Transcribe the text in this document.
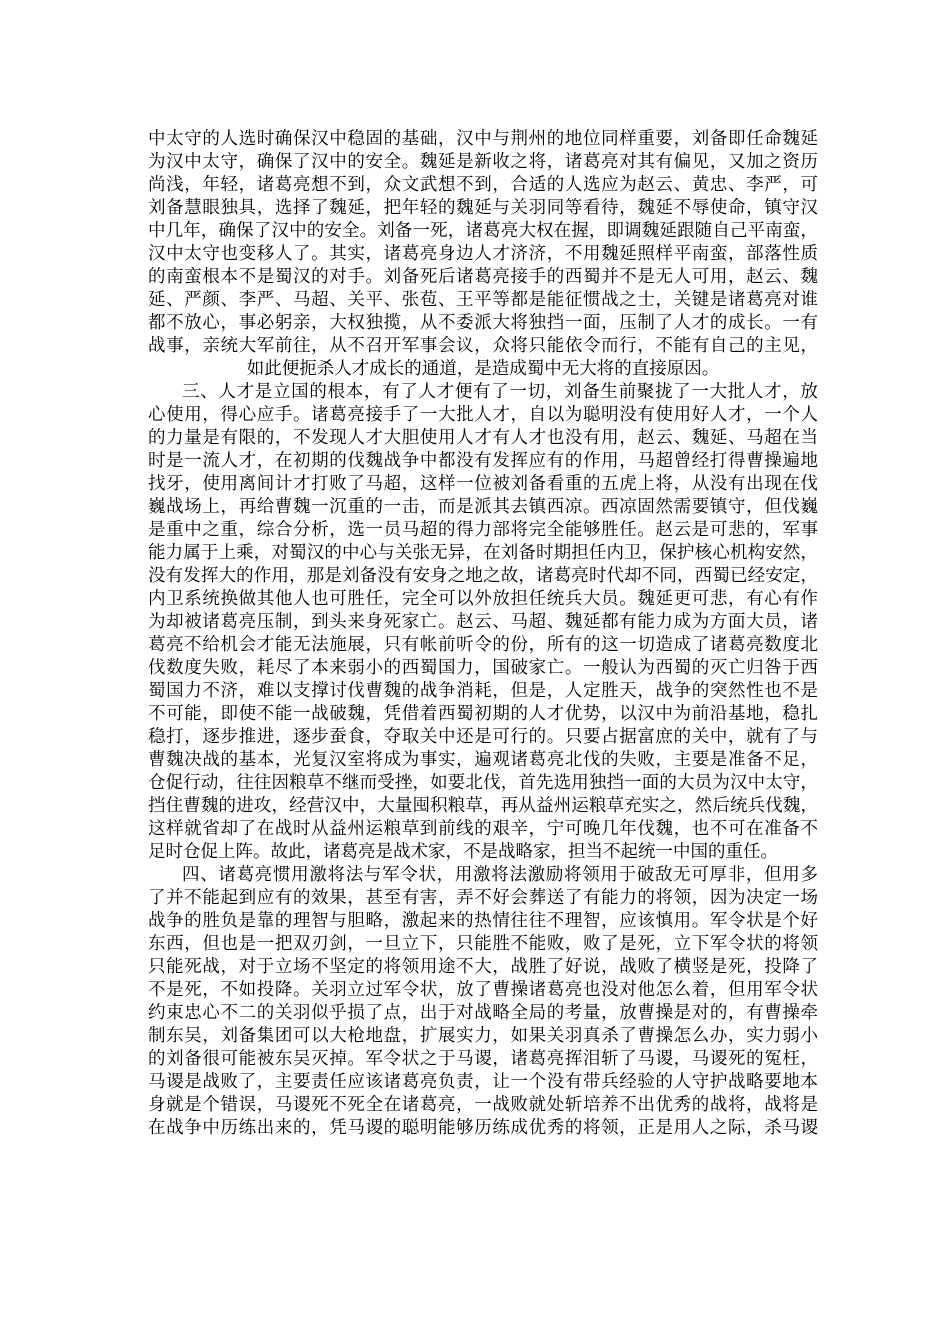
中太守的人选时确保汉中稳固的基础，汉中与荆州的地位同样重要，刘备即任命魏延
为汉中太守，确保了汉中的安全。魏延是新收之将，诸葛亮对其有偏见，又加之资历
尚浅，年轻，诸葛亮想不到，众文武想不到，合适的人选应为赵云、黄忠、李严，可
刘备慧眼独具，选择了魏延，把年轻的魏延与关羽同等看待，魏延不辱使命，镇守汉
中几年，确保了汉中的安全。刘备一死，诸葛亮大权在握，即调魏延跟随自己平南蛮，
汉中太守也变移人了。其实，诸葛亮身边人才济济，不用魏延照样平南蛮，部落性质
的南蛮根本不是蜀汉的对手。刘备死后诸葛亮接手的西蜀并不是无人可用，赵云、魏
延、严颜、李严、马超、关平、张苞、王平等都是能征惯战之士，关键是诸葛亮对谁
都不放心，事必躬亲，大权独揽，从不委派大将独挡一面，压制了人才的成长。一有
战事，亲统大军前往，从不召开军事会议，众将只能依令而行，不能有自己的主见，
如此便扼杀人才成长的通道，是造成蜀中无大将的直接原因。
三、人才是立国的根本，有了人才便有了一切，刘备生前聚拢了一大批人才，放
心使用，得心应手。诸葛亮接手了一大批人才，自以为聪明没有使用好人才，一个人
的力量是有限的，不发现人才大胆使用人才有人才也没有用，赵云、魏延、马超在当
时是一流人才，在初期的伐魏战争中都没有发挥应有的作用，马超曾经打得曹操遍地
找牙，使用离间计才打败了马超，这样一位被刘备看重的五虎上将，从没有出现在伐
巍战场上，再给曹魏一沉重的一击，而是派其去镇西凉。西凉固然需要镇守，但伐巍
是重中之重，综合分析，选一员马超的得力部将完全能够胜任。赵云是可悲的，军事
能力属于上乘，对蜀汉的中心与关张无异，在刘备时期担任内卫，保护核心机构安然，
没有发挥大的作用，那是刘备没有安身之地之故，诸葛亮时代却不同，西蜀已经安定，
内卫系统换做其他人也可胜任，完全可以外放担任统兵大员。魏延更可悲，有心有作
为却被诸葛亮压制，到头来身死家亡。赵云、马超、魏延都有能力成为方面大员，诸
葛亮不给机会才能无法施展，只有帐前听令的份，所有的这一切造成了诸葛亮数度北
伐数度失败，耗尽了本来弱小的西蜀国力，国破家亡。一般认为西蜀的灭亡归咎于西
蜀国力不济，难以支撑讨伐曹魏的战争消耗，但是，人定胜天，战争的突然性也不是
不可能，即使不能一战破魏，凭借着西蜀初期的人才优势，以汉中为前沿基地，稳扎
稳打，逐步推进，逐步蚕食，夺取关中还是可行的。只要占据富庶的关中，就有了与
曹魏决战的基本，光复汉室将成为事实，遍观诸葛亮北伐的失败，主要是准备不足，
仓促行动，往往因粮草不继而受挫，如要北伐，首先选用独挡一面的大员为汉中太守，
挡住曹魏的进攻，经营汉中，大量囤积粮草，再从益州运粮草充实之，然后统兵伐魏，
这样就省却了在战时从益州运粮草到前线的艰辛，宁可晚几年伐魏，也不可在准备不
足时仓促上阵。故此，诸葛亮是战术家，不是战略家，担当不起统一中国的重任。
四、诸葛亮惯用激将法与军令状，用激将法激励将领用于破敌无可厚非，但用多
了并不能起到应有的效果，甚至有害，弄不好会葬送了有能力的将领，因为决定一场
战争的胜负是靠的理智与胆略，激起来的热情往往不理智，应该慎用。军令状是个好
东西，但也是一把双刃剑，一旦立下，只能胜不能败，败了是死，立下军令状的将领
只能死战，对于立场不坚定的将领用途不大，战胜了好说，战败了横竖是死，投降了
不是死，不如投降。关羽立过军令状，放了曹操诸葛亮也没对他怎么着，但用军令状
约束忠心不二的关羽似乎损了点，出于对战略全局的考量，放曹操是对的，有曹操牵
制东吴，刘备集团可以大枪地盘，扩展实力，如果关羽真杀了曹操怎么办，实力弱小
的刘备很可能被东吴灭掉。军令状之于马谡，诸葛亮挥泪斩了马谡，马谡死的冤枉，
马谡是战败了，主要责任应该诸葛亮负责，让一个没有带兵经验的人守护战略要地本
身就是个错误，马谡死不死全在诸葛亮，一战败就处斩培养不出优秀的战将，战将是
在战争中历练出来的，凭马谡的聪明能够历练成优秀的将领，正是用人之际，杀马谡
